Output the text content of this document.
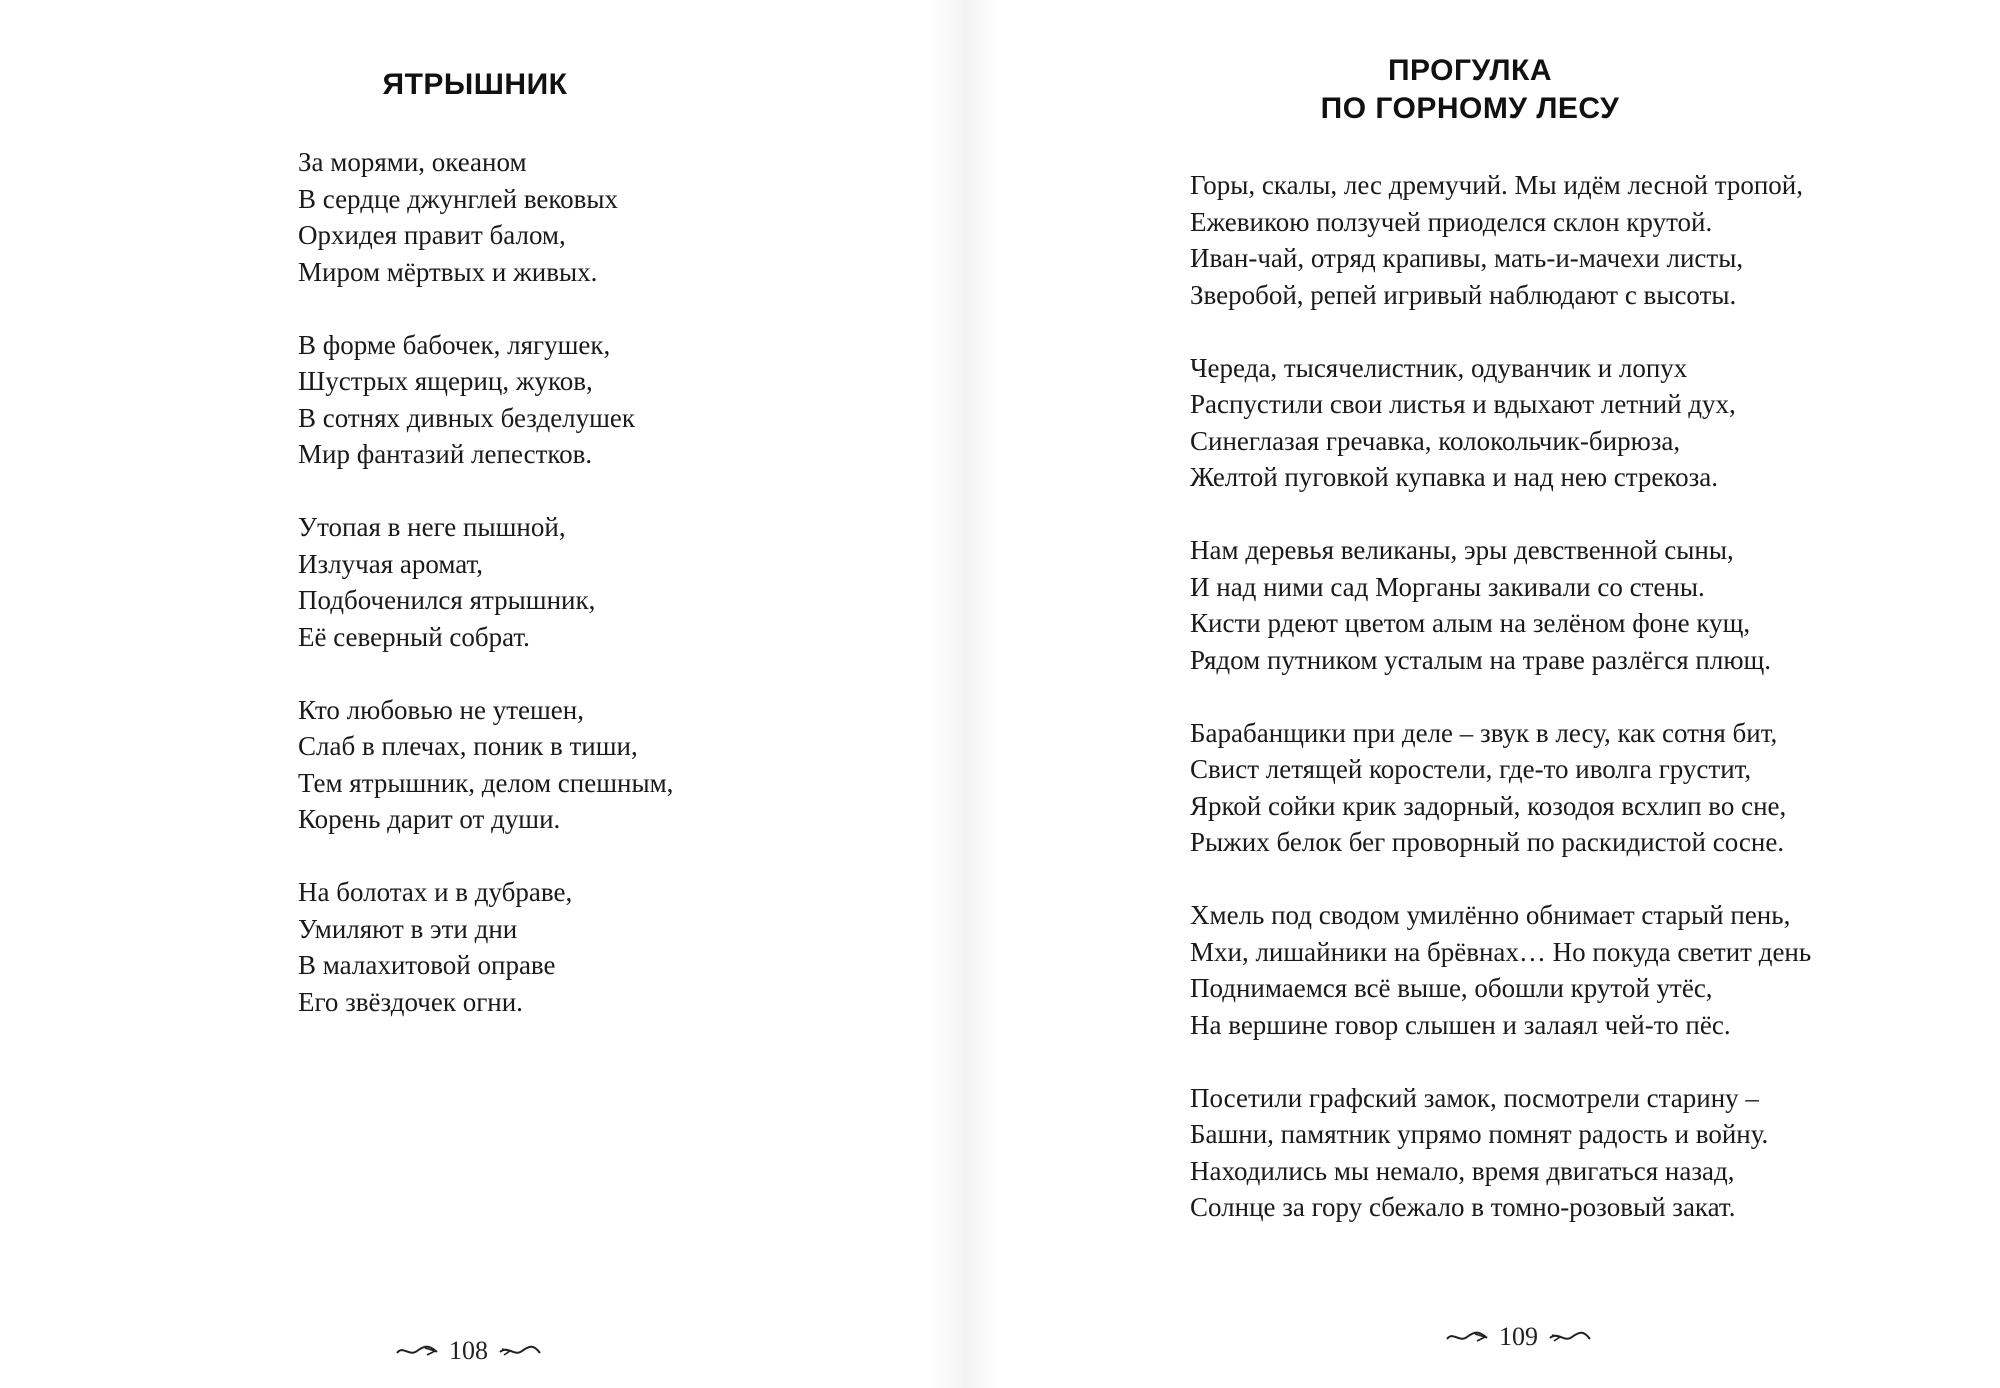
ЯТРЫШНИК
За морями, океаном
В сердце джунглей вековых
Орхидея правит балом,
Миром мёртвых и живых.
В форме бабочек, лягушек,
Шустрых ящериц, жуков,
В сотнях дивных безделушек
Мир фантазий лепестков.
Утопая в неге пышной,
Излучая аромат,
Подбоченился ятрышник,
Её северный собрат.
Кто любовью не утешен,
Слаб в плечах, поник в тиши,
Тем ятрышник, делом спешным,
Корень дарит от души.
На болотах и в дубраве,
Умиляют в эти дни
В малахитовой оправе
Его звёздочек огни.
108
ПРОГУЛКА
ПО ГОРНОМУ ЛЕСУ
Горы, скалы, лес дремучий. Мы идём лесной тропой,
Ежевикою ползучей приоделся склон крутой.
Иван-чай, отряд крапивы, мать-и-мачехи листы,
Зверобой, репей игривый наблюдают с высоты.
Череда, тысячелистник, одуванчик и лопух
Распустили свои листья и вдыхают летний дух,
Синеглазая гречавка, колокольчик-бирюза,
Желтой пуговкой купавка и над нею стрекоза.
Нам деревья великаны, эры девственной сыны,
И над ними сад Морганы закивали со стены.
Кисти рдеют цветом алым на зелёном фоне кущ,
Рядом путником усталым на траве разлёгся плющ.
Барабанщики при деле – звук в лесу, как сотня бит,
Свист летящей коростели, где-то иволга грустит,
Яркой сойки крик задорный, козодоя всхлип во сне,
Рыжих белок бег проворный по раскидистой сосне.
Хмель под сводом умилённо обнимает старый пень,
Мхи, лишайники на брёвнах… Но покуда светит день
Поднимаемся всё выше, обошли крутой утёс,
На вершине говор слышен и залаял чей-то пёс.
Посетили графский замок, посмотрели старину –
Башни, памятник упрямо помнят радость и войну.
Находились мы немало, время двигаться назад,
Солнце за гору сбежало в томно-розовый закат.
109
